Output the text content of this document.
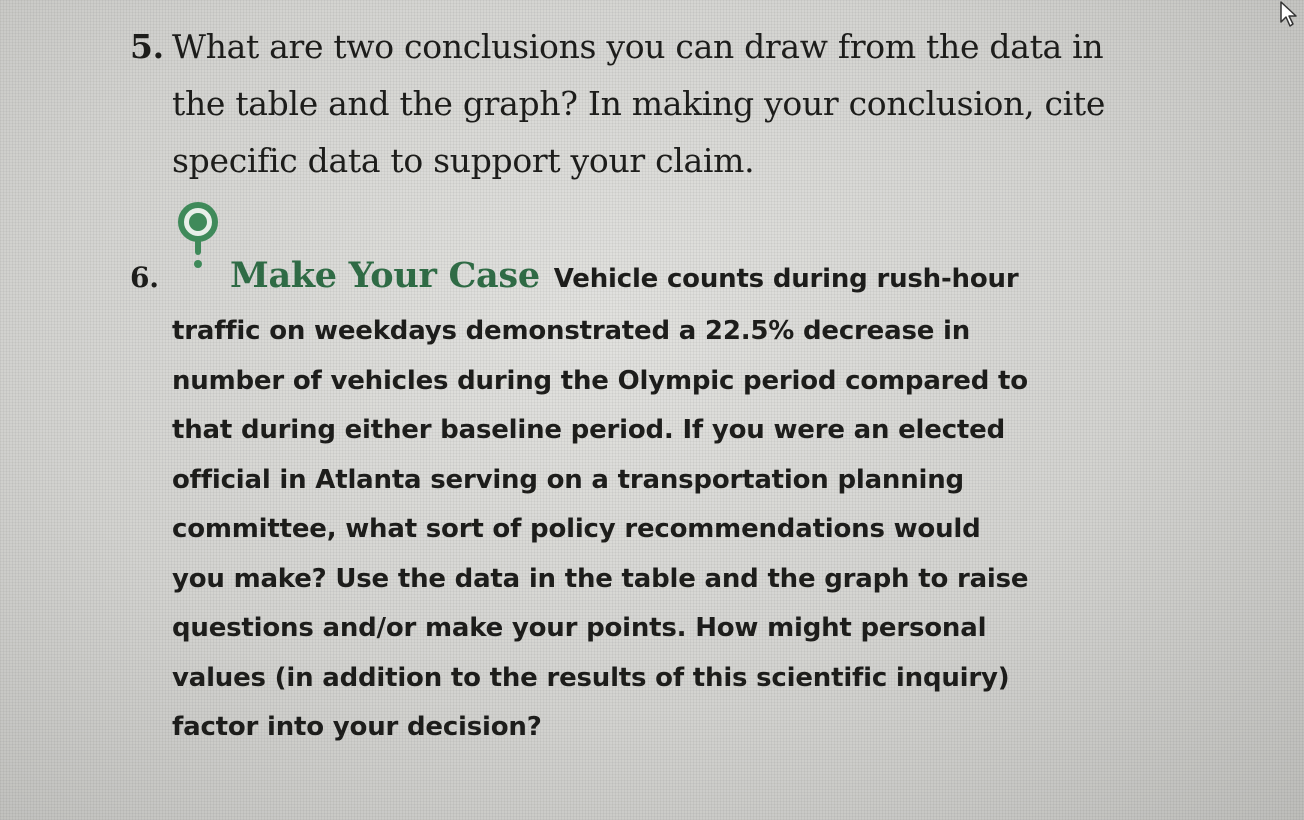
5. What are two conclusions you can draw from the data in
the table and the graph? In making your conclusion, cite
specific data to support your claim.
6. Make Your Case Vehicle counts during rush-hour
traffic on weekdays demonstrated a 22.5% decrease in
number of vehicles during the Olympic period compared to
that during either baseline period. If you were an elected
official in Atlanta serving on a transportation planning
committee, what sort of policy recommendations would
you make? Use the data in the table and the graph to raise
questions and/or make your points. How might personal
values (in addition to the results of this scientific inquiry)
factor into your decision?
